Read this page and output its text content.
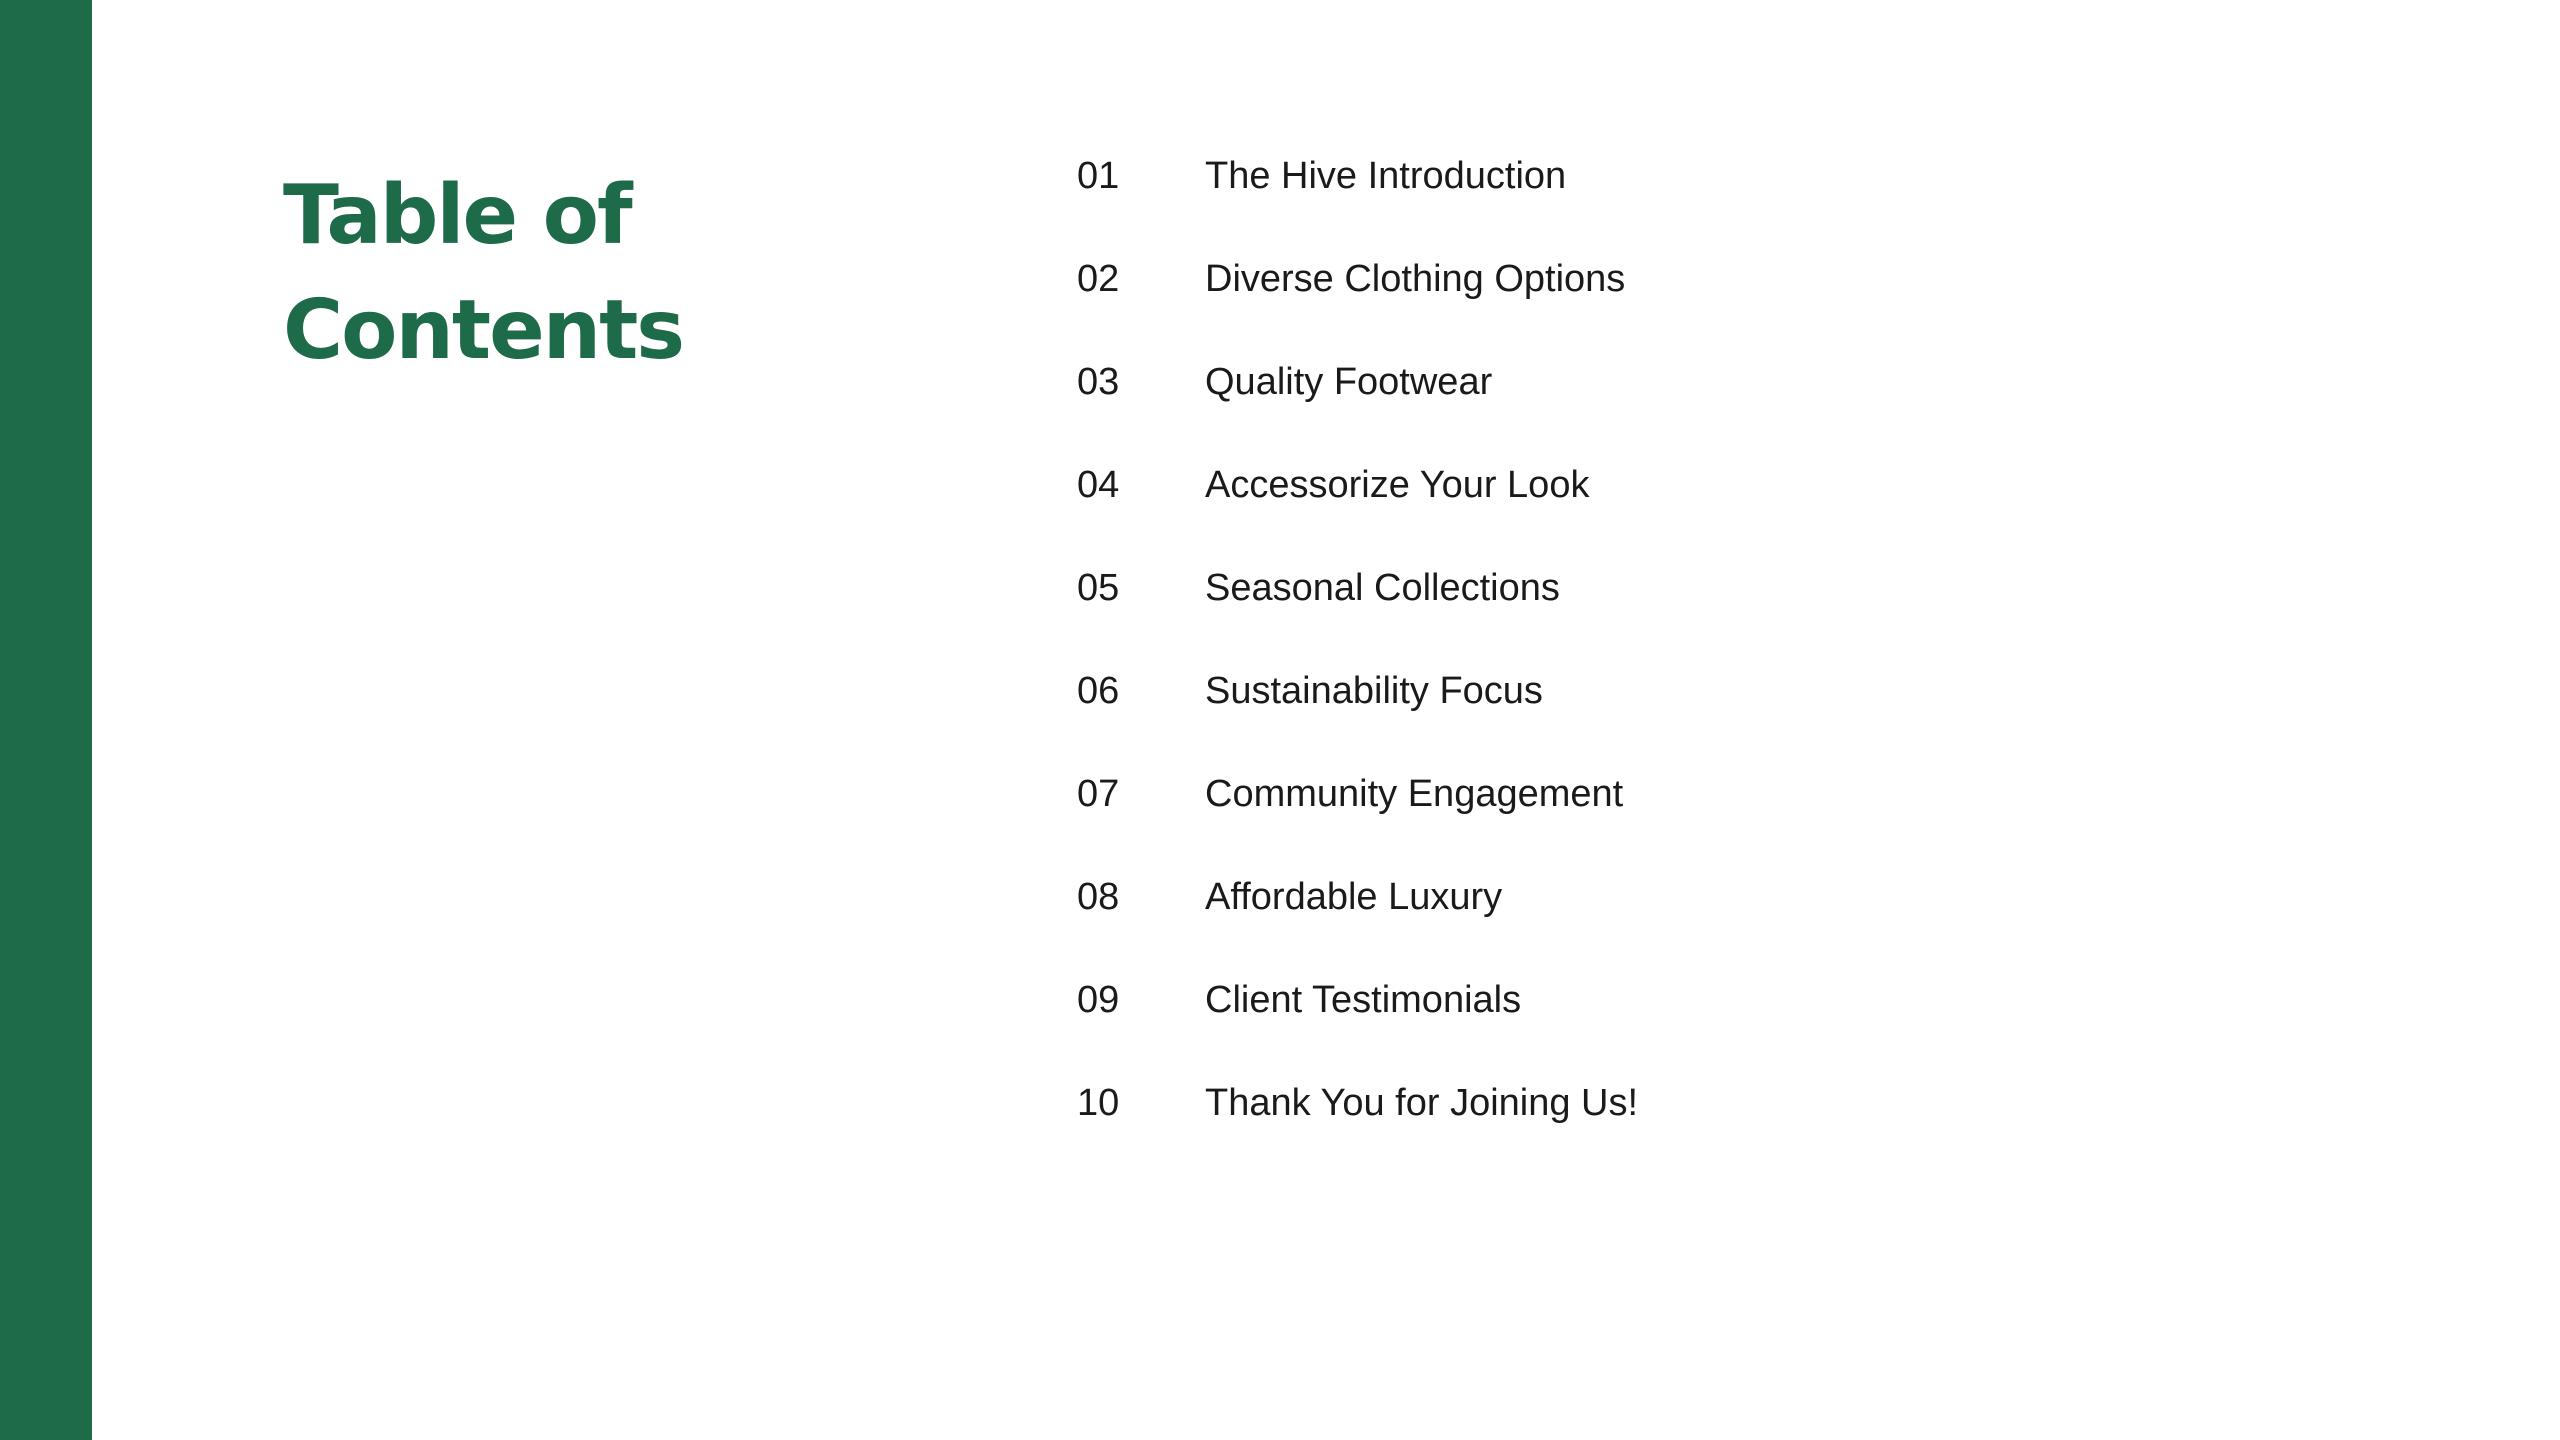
Table of Contents
01	The Hive Introduction
02	Diverse Clothing Options
03	Quality Footwear
04	Accessorize Your Look
05	Seasonal Collections
06	Sustainability Focus
07	Community Engagement
08	Affordable Luxury
09	Client Testimonials
10	Thank You for Joining Us!
